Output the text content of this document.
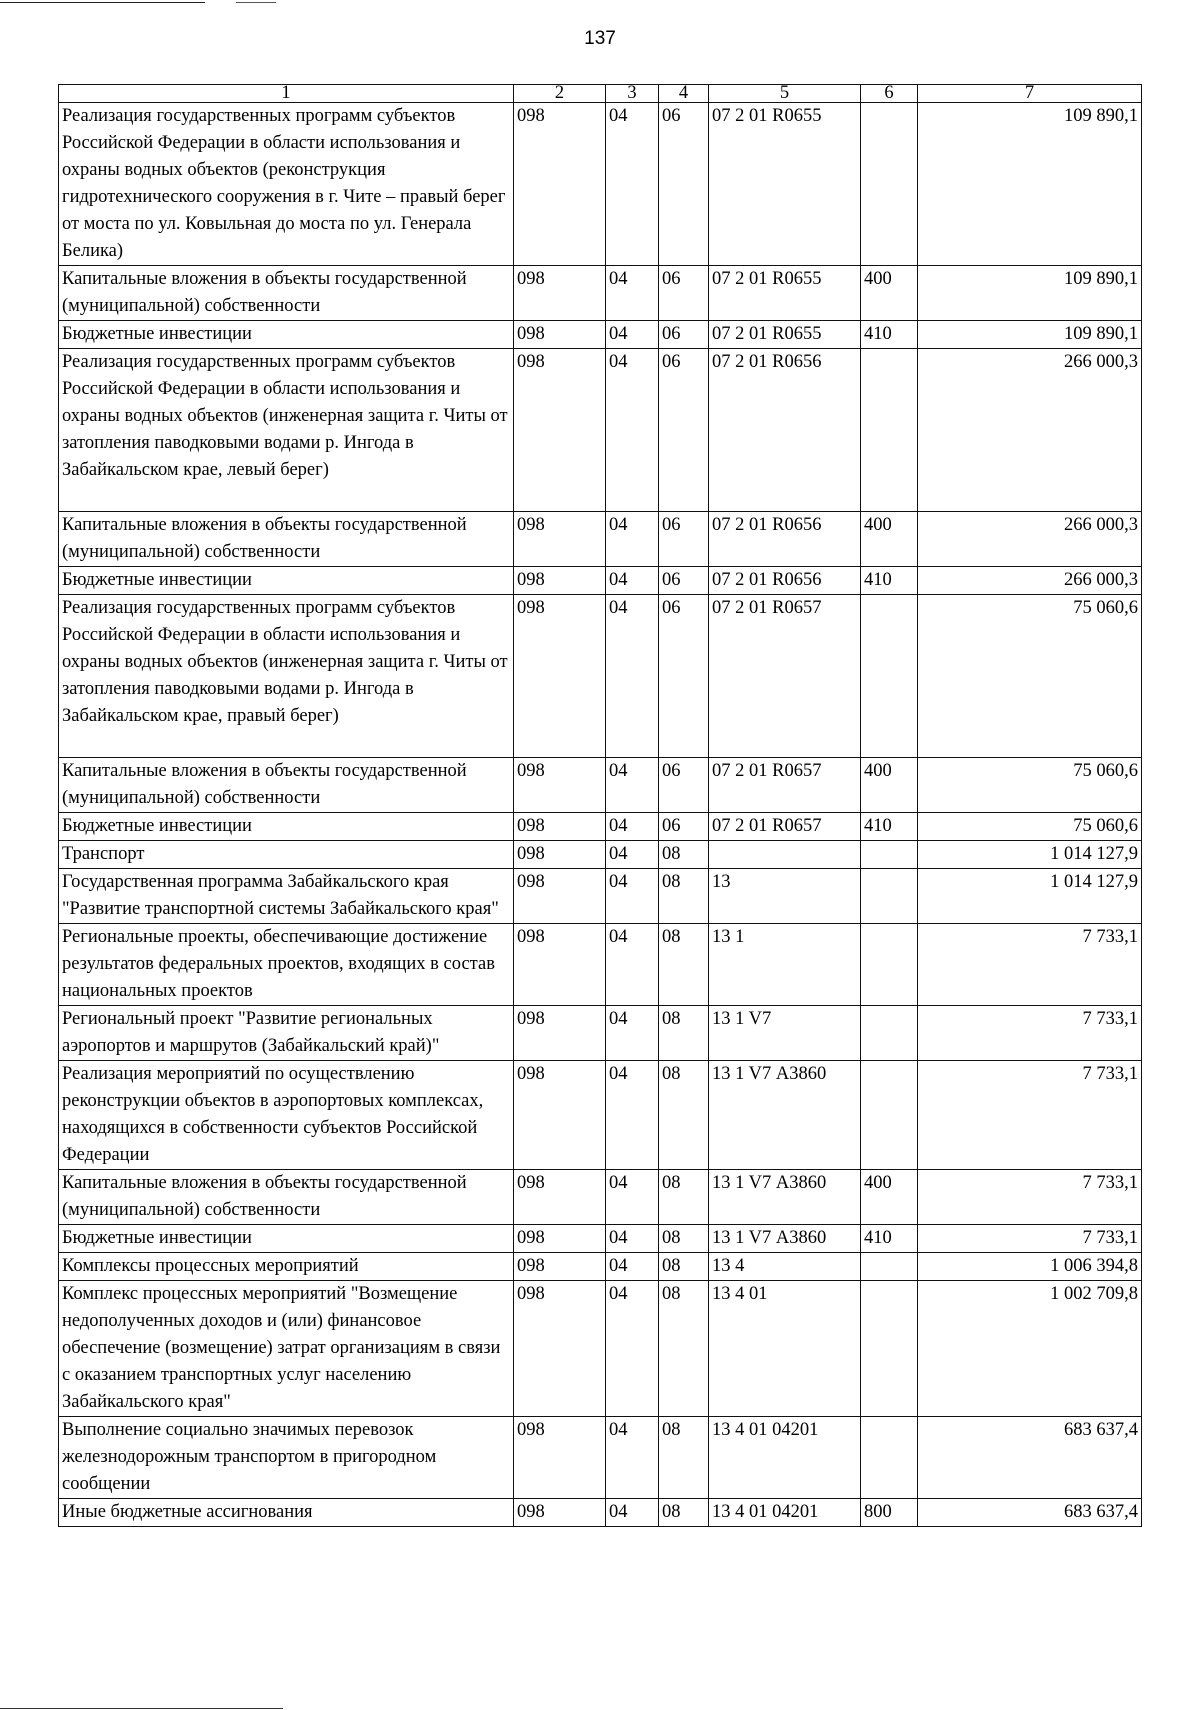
137
1	2	3	4	5	6	7
Реализация государственных программ субъектов Российской Федерации в области использования и охраны водных объектов (реконструкция гидротехнического сооружения в г. Чите – правый берег от моста по ул. Ковыльная до моста по ул. Генерала Белика)	098	04	06	07 2 01 R0655		109 890,1
Капитальные вложения в объекты государственной (муниципальной) собственности	098	04	06	07 2 01 R0655	400	109 890,1
Бюджетные инвестиции	098	04	06	07 2 01 R0655	410	109 890,1
Реализация государственных программ субъектов Российской Федерации в области использования и охраны водных объектов (инженерная защита г. Читы от затопления паводковыми водами р. Ингода в Забайкальском крае, левый берег)	098	04	06	07 2 01 R0656		266 000,3
Капитальные вложения в объекты государственной (муниципальной) собственности	098	04	06	07 2 01 R0656	400	266 000,3
Бюджетные инвестиции	098	04	06	07 2 01 R0656	410	266 000,3
Реализация государственных программ субъектов Российской Федерации в области использования и охраны водных объектов (инженерная защита г. Читы от затопления паводковыми водами р. Ингода в Забайкальском крае, правый берег)	098	04	06	07 2 01 R0657		75 060,6
Капитальные вложения в объекты государственной (муниципальной) собственности	098	04	06	07 2 01 R0657	400	75 060,6
Бюджетные инвестиции	098	04	06	07 2 01 R0657	410	75 060,6
Транспорт	098	04	08			1 014 127,9
Государственная программа Забайкальского края "Развитие транспортной системы Забайкальского края"	098	04	08	13		1 014 127,9
Региональные проекты, обеспечивающие достижение результатов федеральных проектов, входящих в состав национальных проектов	098	04	08	13 1		7 733,1
Региональный проект "Развитие региональных аэропортов и маршрутов (Забайкальский край)"	098	04	08	13 1 V7		7 733,1
Реализация мероприятий по осуществлению реконструкции объектов в аэропортовых комплексах, находящихся в собственности субъектов Российской Федерации	098	04	08	13 1 V7 А3860		7 733,1
Капитальные вложения в объекты государственной (муниципальной) собственности	098	04	08	13 1 V7 А3860	400	7 733,1
Бюджетные инвестиции	098	04	08	13 1 V7 А3860	410	7 733,1
Комплексы процессных мероприятий	098	04	08	13 4		1 006 394,8
Комплекс процессных мероприятий "Возмещение недополученных доходов и (или) финансовое обеспечение (возмещение) затрат организациям в связи с оказанием транспортных услуг населению Забайкальского края"	098	04	08	13 4 01		1 002 709,8
Выполнение социально значимых перевозок железнодорожным транспортом в пригородном сообщении	098	04	08	13 4 01 04201		683 637,4
Иные бюджетные ассигнования	098	04	08	13 4 01 04201	800	683 637,4
